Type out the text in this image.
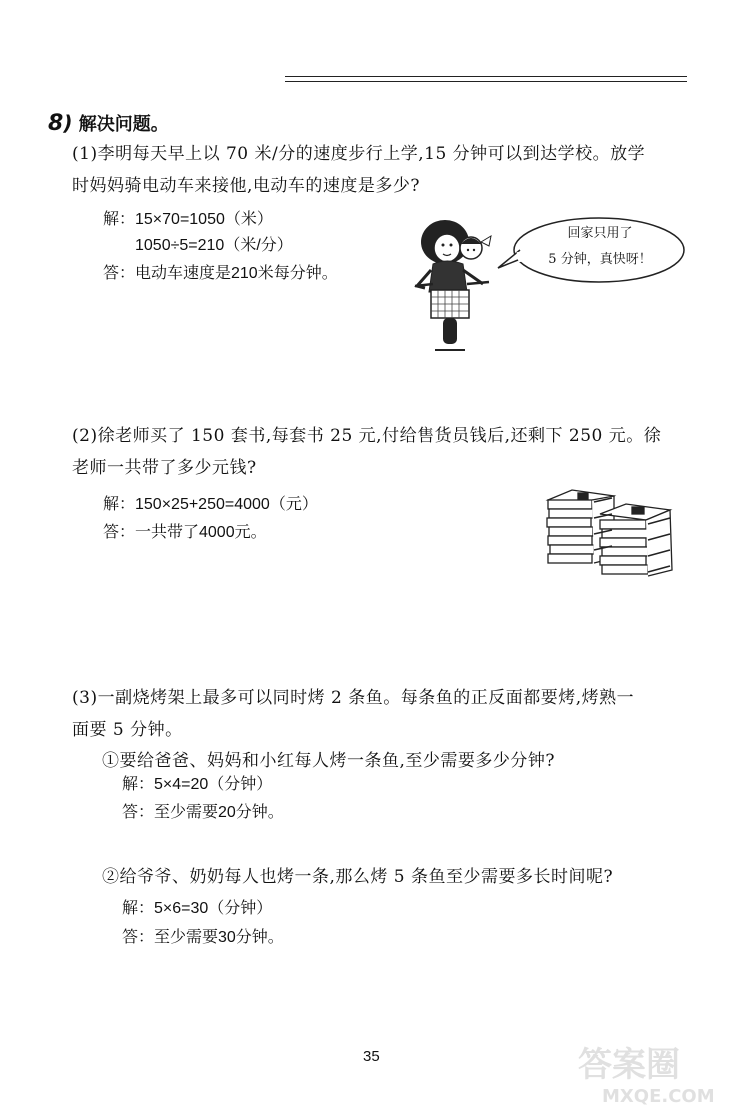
8) 解决问题。
(1)李明每天早上以 70 米/分的速度步行上学,15 分钟可以到达学校。放学
时妈妈骑电动车来接他,电动车的速度是多少?
解：15×70=1050（米）
1050÷5=210（米/分）
答：电动车速度是210米每分钟。
回家只用了
5 分钟，真快呀！
(2)徐老师买了 150 套书,每套书 25 元,付给售货员钱后,还剩下 250 元。徐
老师一共带了多少元钱?
解：150×25+250=4000（元）
答：一共带了4000元。
(3)一副烧烤架上最多可以同时烤 2 条鱼。每条鱼的正反面都要烤,烤熟一
面要 5 分钟。
①要给爸爸、妈妈和小红每人烤一条鱼,至少需要多少分钟?
解：5×4=20（分钟）
答：至少需要20分钟。
②给爷爷、奶奶每人也烤一条,那么烤 5 条鱼至少需要多长时间呢?
解：5×6=30（分钟）
答：至少需要30分钟。
35	答案圈
MXQE.COM
